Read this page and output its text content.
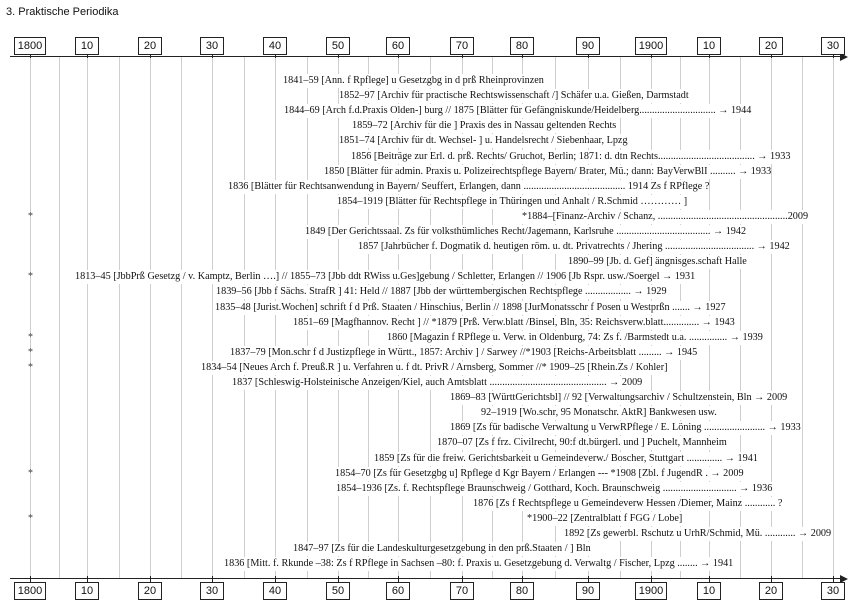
3. Praktische Periodika
1800	10	20	30	40	50	60	70	80	90	1900	10	20	30
1800	10	20	30	40	50	60	70	80	90	1900	10	20	30
1841–59 [Ann. f Rpflege] u Gesetzgbg in d prß Rheinprovinzen
1852–97 [Archiv für practische Rechtswissenschaft /] Schäfer u.a. Gießen, Darmstadt
1844–69 [Arch f.d.Praxis Olden-] burg // 1875 [Blätter für Gefängniskunde/Heidelberg.............................. → 1944
1859–72 [Archiv für die ] Praxis des in Nassau geltenden Rechts
1851–74 [Archiv für dt. Wechsel- ] u. Handelsrecht / Siebenhaar, Lpzg
1856 [Beiträge zur Erl. d. prß. Rechts/ Gruchot, Berlin; 1871: d. dtn Rechts...................................... → 1933
1850 [Blätter für admin. Praxis u. Polizeirechtspflege Bayern/ Brater, Mü.; dann: BayVerwBlI .......... → 1933
1836 [Blätter für Rechtsanwendung in Bayern/ Seuffert, Erlangen, dann ........................................ 1914 Zs f RPflege ?
1854–1919 [Blätter für Rechtspflege in Thüringen und Anhalt / R.Schmid ………… ]
*	*1884–[Finanz-Archiv / Schanz, ...................................................2009
1849 [Der Gerichtssaal. Zs für volksthümliches Recht/Jagemann, Karlsruhe ..................................... → 1942
1857 [Jahrbücher f. Dogmatik d. heutigen röm. u. dt. Privatrechts / Jhering ................................... → 1942
1890–99 [Jb. d. Gef] ängnisges.schaft Halle
*	1813–45 [JbbPrß Gesetzg / v. Kamptz, Berlin ….] // 1855–73 [Jbb ddt RWiss u.Ges]gebung / Schletter, Erlangen // 1906 [Jb Rspr. usw./Soergel → 1931
1839–56 [Jbb f Sächs. StrafR ] 41: Held // 1887 [Jbb der württembergischen Rechtspflege .................. → 1929
1835–48 [Jurist.Wochen] schrift f d Prß. Staaten / Hinschius, Berlin // 1898 [JurMonatsschr f Posen u Westprßn ....... → 1927
1851–69 [Magfhannov. Recht ] // *1879 [Prß. Verw.blatt /Binsel, Bln, 35: Reichsverw.blatt.............. → 1943
*	1860 [Magazin f RPflege u. Verw. in Oldenburg, 74: Zs f. /Barmstedt u.a. ............... → 1939
*	1837–79 [Mon.schr f d Justizpflege in Württ., 1857: Archiv ] / Sarwey //*1903 [Reichs-Arbeitsblatt ......... → 1945
*	1834–54 [Neues Arch f. Preuß.R ] u. Verfahren u. f dt. PrivR / Arnsberg, Sommer //* 1909–25 [Rhein.Zs / Kohler]
1837 [Schleswig-Holsteinische Anzeigen/Kiel, auch Amtsblatt .............................................. → 2009
1869–83 [WürttGerichtsbl] // 92 [Verwaltungsarchiv / Schultzenstein, Bln → 2009
92–1919 [Wo.schr, 95 Monatschr. AktR] Bankwesen usw.
1869 [Zs für badische Verwaltung u VerwRPflege / E. Löning ........................ → 1933
1870–07 [Zs f frz. Civilrecht, 90:f dt.bürgerl. und ] Puchelt, Mannheim
1859 [Zs für die freiw. Gerichtsbarkeit u Gemeindeverw./ Boscher, Stuttgart .............. → 1941
*	1854–70 [Zs für Gesetzgbg u] Rpflege d Kgr Bayern / Erlangen --- *1908 [Zbl. f JugendR . → 2009
1854–1936 [Zs. f. Rechtspflege Braunschweig / Gotthard, Koch. Braunschweig ............................. → 1936
1876 [Zs f Rechtspflege u Gemeindeverw Hessen /Diemer, Mainz ............ ?
*	*1900–22 [Zentralblatt f FGG / Lobe]
1892 [Zs gewerbl. Rschutz u UrhR/Schmid, Mü. ............ → 2009
1847–97 [Zs für die Landeskulturgesetzgebung in den prß.Staaten / ] Bln
1836 [Mitt. f. Rkunde –38: Zs f RPflege in Sachsen –80: f. Praxis u. Gesetzgebung d. Verwaltg / Fischer, Lpzg ........ → 1941
